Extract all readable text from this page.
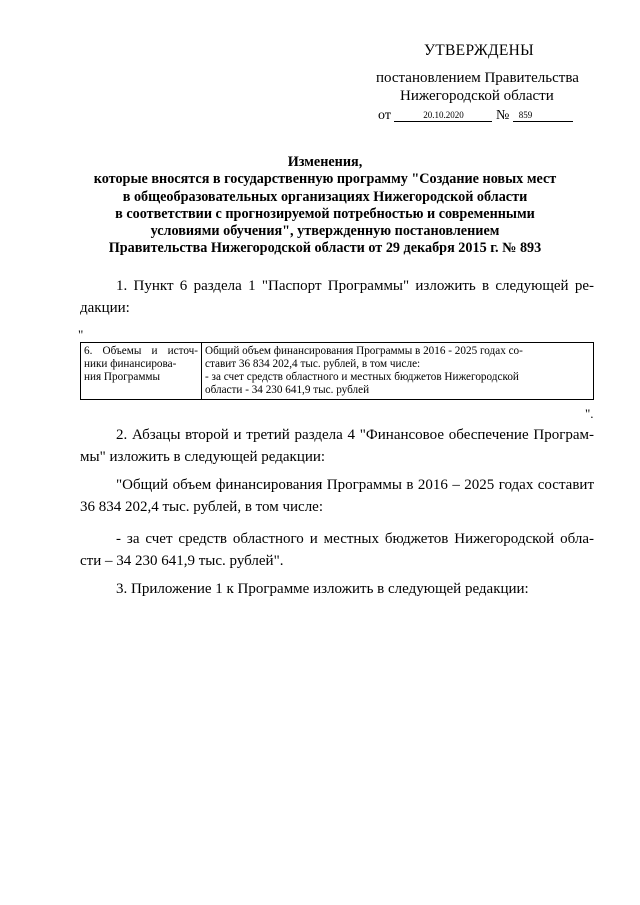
УТВЕРЖДЕНЫ
постановлением Правительства
Нижегородской области
от	20.10.2020 № 859
Изменения,
которые вносятся в государственную программу "Создание новых мест
в общеобразовательных организациях Нижегородской области
в соответствии с прогнозируемой потребностью и современными
условиями обучения", утвержденную постановлением
Правительства Нижегородской области от 29 декабря 2015 г. № 893
1. Пункт 6 раздела 1 "Паспорт Программы" изложить в следующей ре-
дакции:
"
6. Объемы и источ- ники финансирова-
ния Программы
	Общий объем финансирования Программы в 2016 - 2025 годах со-
ставит 36 834 202,4 тыс. рублей, в том числе:
- за счет средств областного и местных бюджетов Нижегородской
области - 34 230 641,9 тыс. рублей
".
2. Абзацы второй и третий раздела 4 "Финансовое обеспечение Програм-
мы" изложить в следующей редакции:
"Общий объем финансирования Программы в 2016 – 2025 годах составит
36 834 202,4 тыс. рублей, в том числе:
- за счет средств областного и местных бюджетов Нижегородской обла-
сти – 34 230 641,9 тыс. рублей".
3. Приложение 1 к Программе изложить в следующей редакции:
